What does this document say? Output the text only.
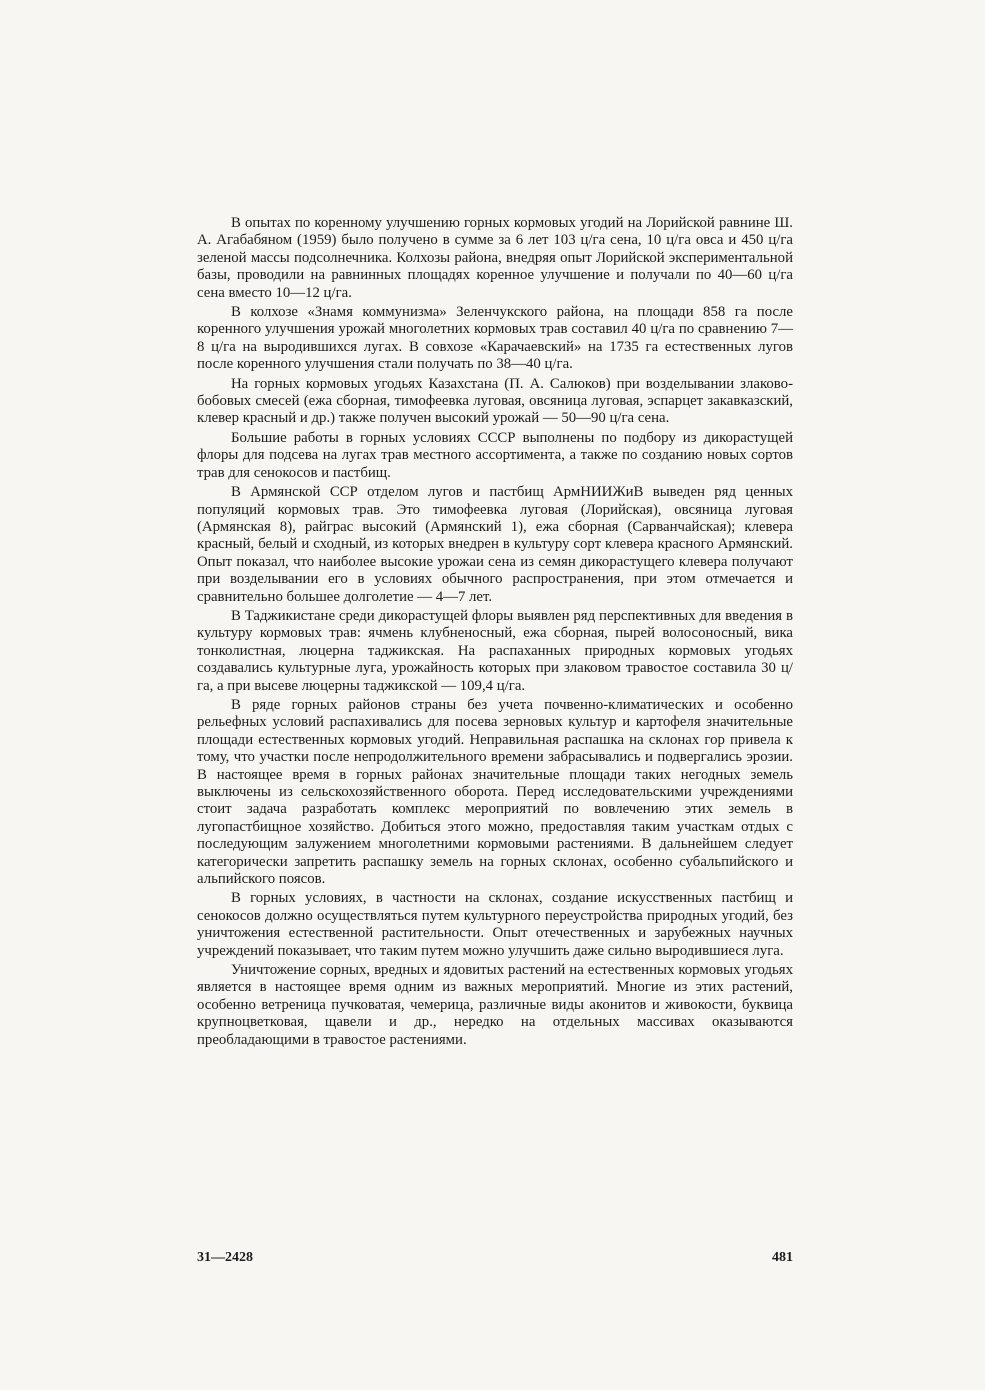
В опытах по коренному улучшению горных кормовых угодий на Лорийской равнине Ш. А. Агабабяном (1959) было получено в сумме за 6 лет 103 ц/га сена, 10 ц/га овса и 450 ц/га зеленой массы подсолнечника. Колхозы района, внедряя опыт Лорийской экспериментальной базы, проводили на равнинных площадях коренное улучшение и получали по 40—60 ц/га сена вместо 10—12 ц/га.

В колхозе «Знамя коммунизма» Зеленчукского района, на площади 858 га после коренного улучшения урожай многолетних кормовых трав составил 40 ц/га по сравнению 7—8 ц/га на выродившихся лугах. В совхозе «Карачаевский» на 1735 га естественных лугов после коренного улучшения стали получать по 38—40 ц/га.

На горных кормовых угодьях Казахстана (П. А. Салюков) при возделывании злаково-бобовых смесей (ежа сборная, тимофеевка луговая, овсяница луговая, эспарцет закавказский, клевер красный и др.) также получен высокий урожай — 50—90 ц/га сена.

Большие работы в горных условиях СССР выполнены по подбору из дикорастущей флоры для подсева на лугах трав местного ассортимента, а также по созданию новых сортов трав для сенокосов и пастбищ.

В Армянской ССР отделом лугов и пастбищ АрмНИИЖиВ выведен ряд ценных популяций кормовых трав. Это тимофеевка луговая (Лорийская), овсяница луговая (Армянская 8), райграс высокий (Армянский 1), ежа сборная (Сарванчайская); клевера красный, белый и сходный, из которых внедрен в культуру сорт клевера красного Армянский. Опыт показал, что наиболее высокие урожаи сена из семян дикорастущего клевера получают при возделывании его в условиях обычного распространения, при этом отмечается и сравнительно большее долголетие — 4—7 лет.

В Таджикистане среди дикорастущей флоры выявлен ряд перспективных для введения в культуру кормовых трав: ячмень клубненосный, ежа сборная, пырей волосоносный, вика тонколистная, люцерна таджикская. На распаханных природных кормовых угодьях создавались культурные луга, урожайность которых при злаковом травостое составила 30 ц/га, а при высеве люцерны таджикской — 109,4 ц/га.

В ряде горных районов страны без учета почвенно-климатических и особенно рельефных условий распахивались для посева зерновых культур и картофеля значительные площади естественных кормовых угодий. Неправильная распашка на склонах гор привела к тому, что участки после непродолжительного времени забрасывались и подвергались эрозии. В настоящее время в горных районах значительные площади таких негодных земель выключены из сельскохозяйственного оборота. Перед исследовательскими учреждениями стоит задача разработать комплекс мероприятий по вовлечению этих земель в лугопастбищное хозяйство. Добиться этого можно, предоставляя таким участкам отдых с последующим залужением многолетними кормовыми растениями. В дальнейшем следует категорически запретить распашку земель на горных склонах, особенно субальпийского и альпийского поясов.

В горных условиях, в частности на склонах, создание искусственных пастбищ и сенокосов должно осуществляться путем культурного переустройства природных угодий, без уничтожения естественной растительности. Опыт отечественных и зарубежных научных учреждений показывает, что таким путем можно улучшить даже сильно выродившиеся луга.

Уничтожение сорных, вредных и ядовитых растений на естественных кормовых угодьях является в настоящее время одним из важных мероприятий. Многие из этих растений, особенно ветреница пучковатая, чемерица, различные виды аконитов и живокости, буквица крупноцветковая, щавели и др., нередко на отдельных массивах оказываются преобладающими в травостое растениями.

31—2428	481
